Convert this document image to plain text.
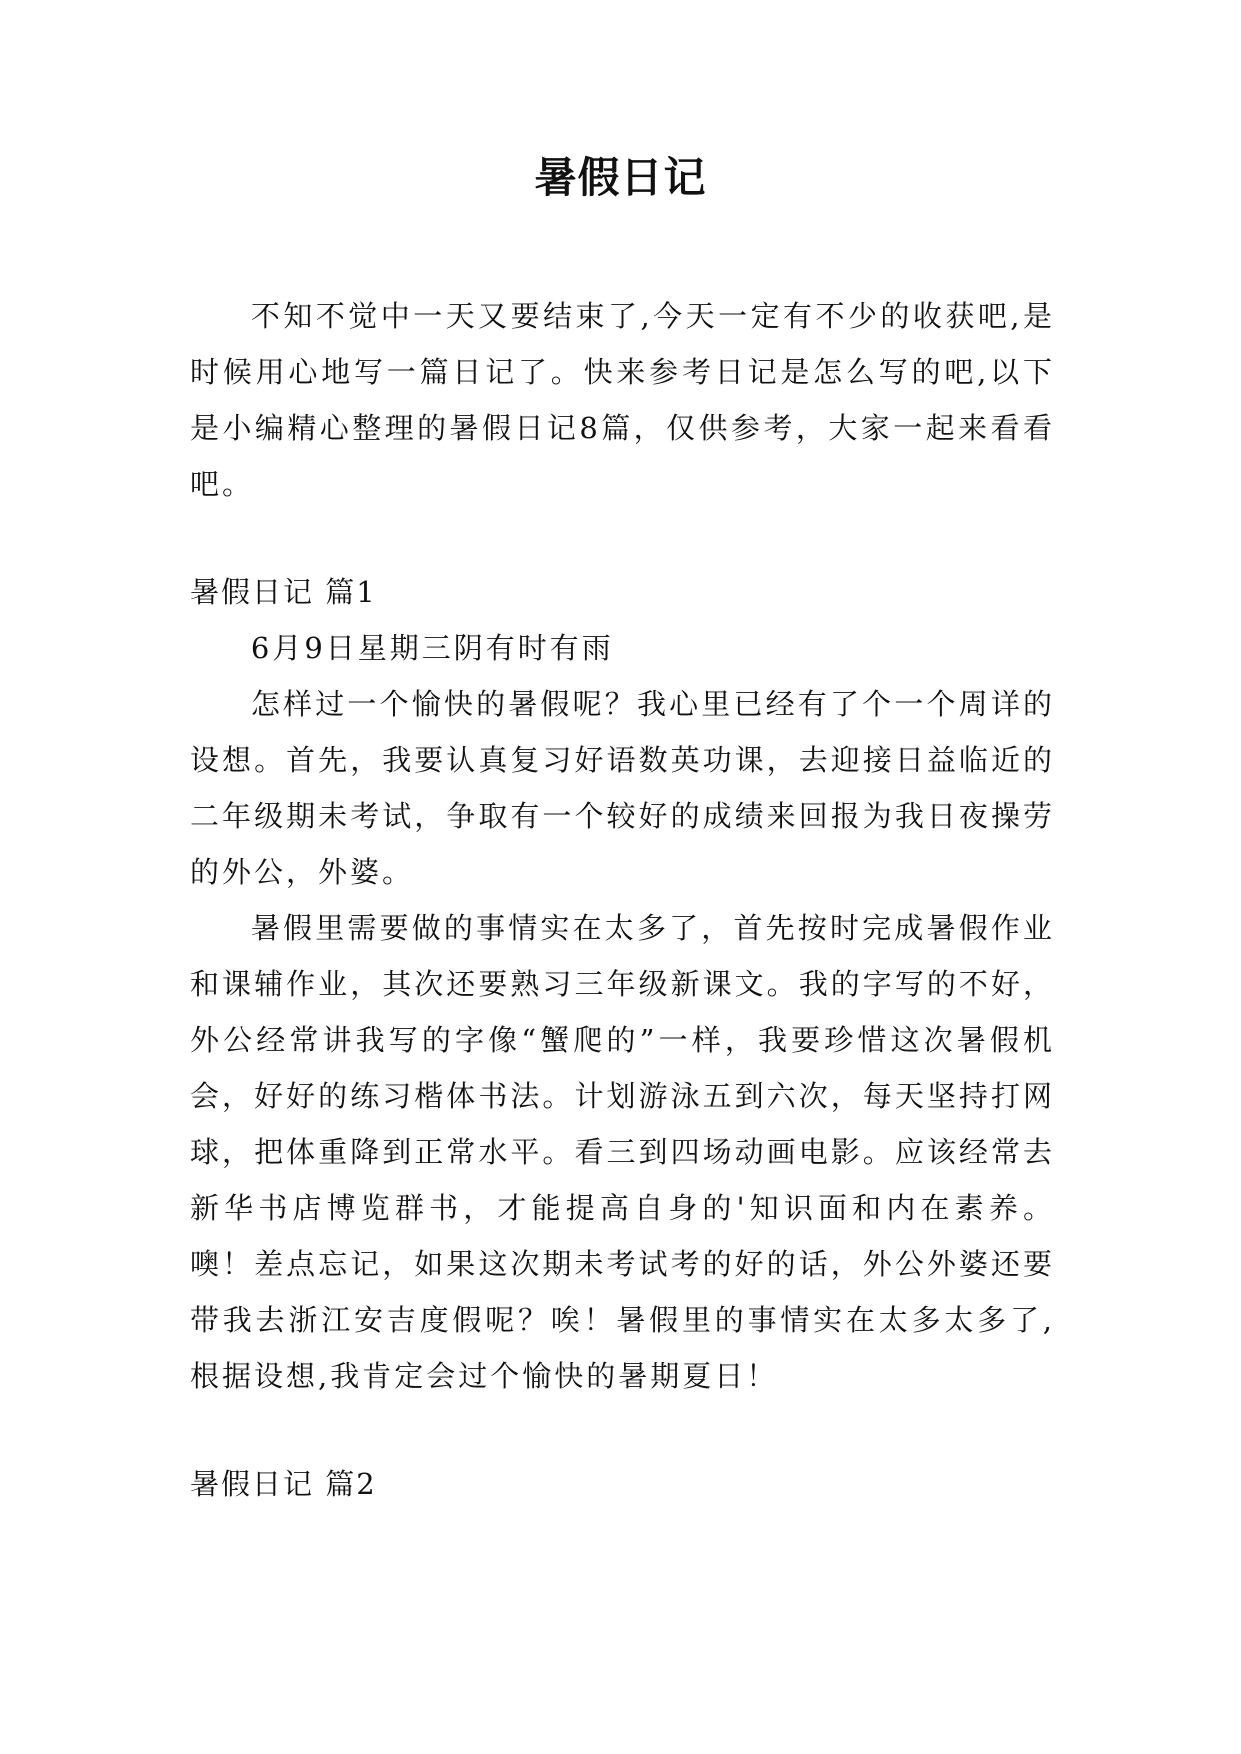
暑假日记

不知不觉中一天又要结束了,今天一定有不少的收获吧,是时候用心地写一篇日记了。快来参考日记是怎么写的吧,以下是小编精心整理的暑假日记8篇，仅供参考，大家一起来看看吧。

暑假日记 篇1

6月9日星期三阴有时有雨

怎样过一个愉快的暑假呢？我心里已经有了个一个周详的设想。首先，我要认真复习好语数英功课，去迎接日益临近的二年级期未考试，争取有一个较好的成绩来回报为我日夜操劳的外公，外婆。

暑假里需要做的事情实在太多了，首先按时完成暑假作业和课辅作业，其次还要熟习三年级新课文。我的字写的不好，外公经常讲我写的字像“蟹爬的”一样，我要珍惜这次暑假机会，好好的练习楷体书法。计划游泳五到六次，每天坚持打网球，把体重降到正常水平。看三到四场动画电影。应该经常去新华书店博览群书，才能提高自身的'知识面和内在素养。噢！差点忘记，如果这次期未考试考的好的话，外公外婆还要带我去浙江安吉度假呢？唉！暑假里的事情实在太多太多了,根据设想,我肯定会过个愉快的暑期夏日！

暑假日记 篇2
